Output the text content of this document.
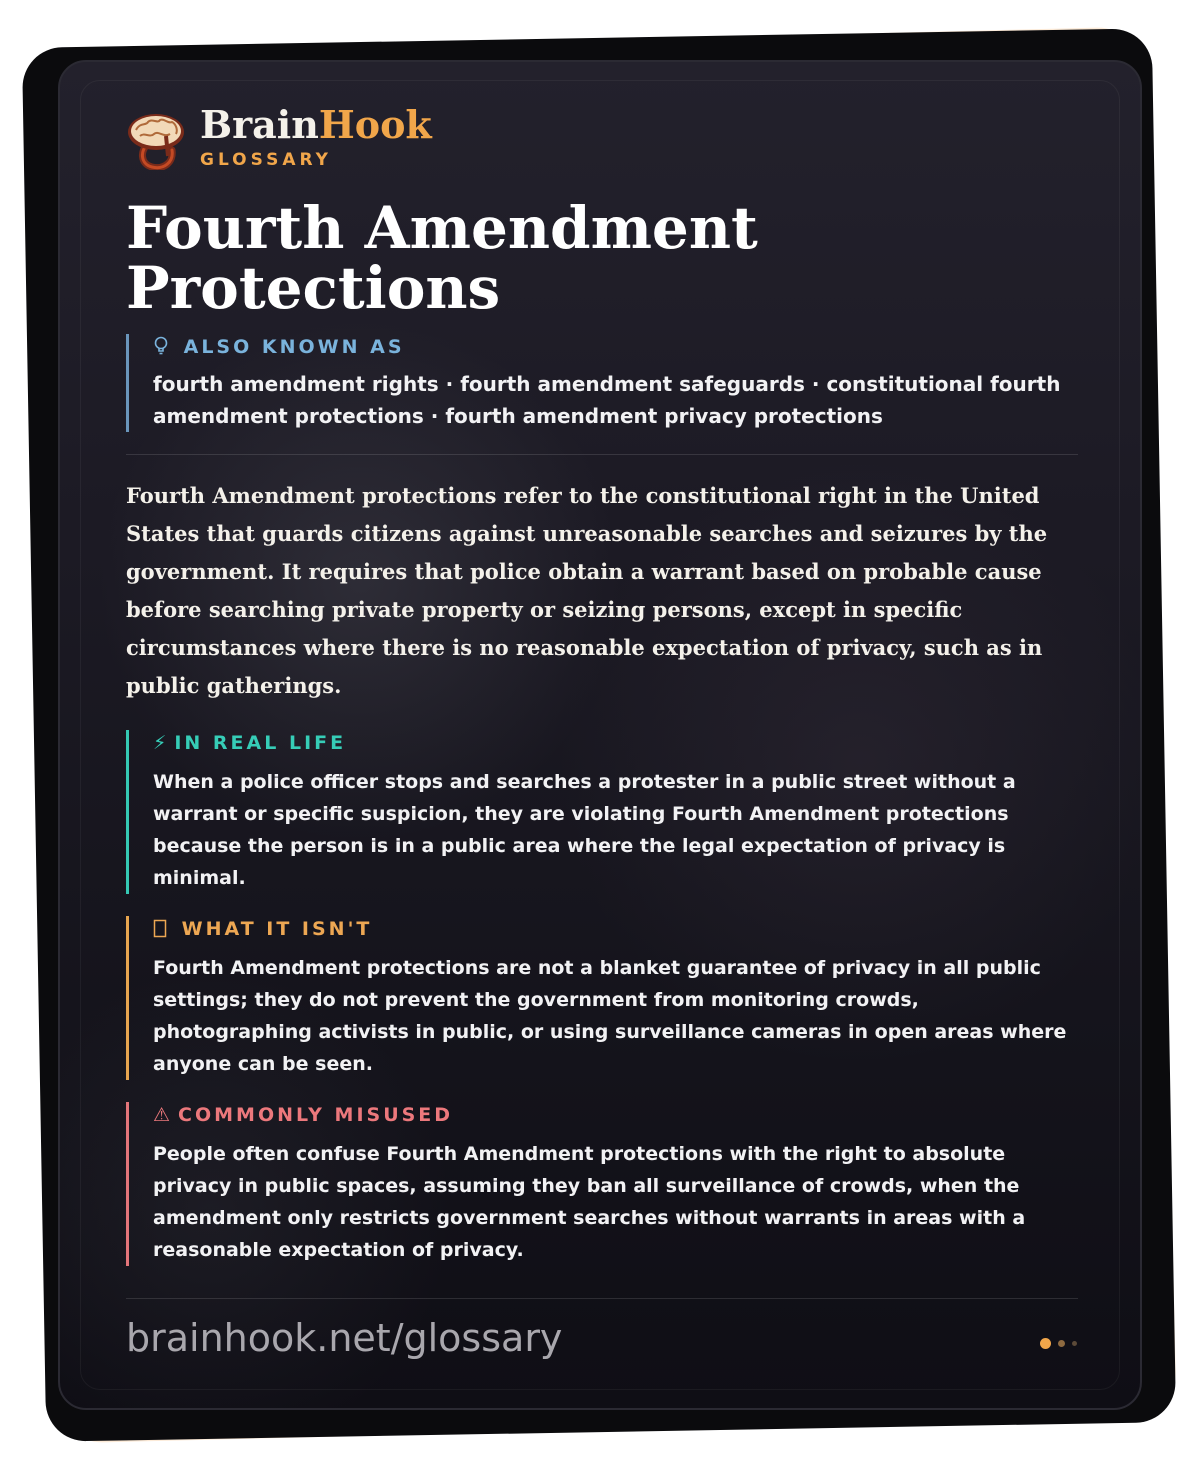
BrainHook
GLOSSARY
Fourth Amendment Protections
ALSO KNOWN AS
fourth amendment rights · fourth amendment safeguards · constitutional fourth amendment protections · fourth amendment privacy protections

Fourth Amendment protections refer to the constitutional right in the United States that guards citizens against unreasonable searches and seizures by the government. It requires that police obtain a warrant based on probable cause before searching private property or seizing persons, except in specific circumstances where there is no reasonable expectation of privacy, such as in public gatherings.

⚡ IN REAL LIFE
When a police officer stops and searches a protester in a public street without a warrant or specific suspicion, they are violating Fourth Amendment protections because the person is in a public area where the legal expectation of privacy is minimal.
WHAT IT ISN'T
Fourth Amendment protections are not a blanket guarantee of privacy in all public settings; they do not prevent the government from monitoring crowds, photographing activists in public, or using surveillance cameras in open areas where anyone can be seen.
⚠ COMMONLY MISUSED
People often confuse Fourth Amendment protections with the right to absolute privacy in public spaces, assuming they ban all surveillance of crowds, when the amendment only restricts government searches without warrants in areas with a reasonable expectation of privacy.
brainhook.net/glossary
